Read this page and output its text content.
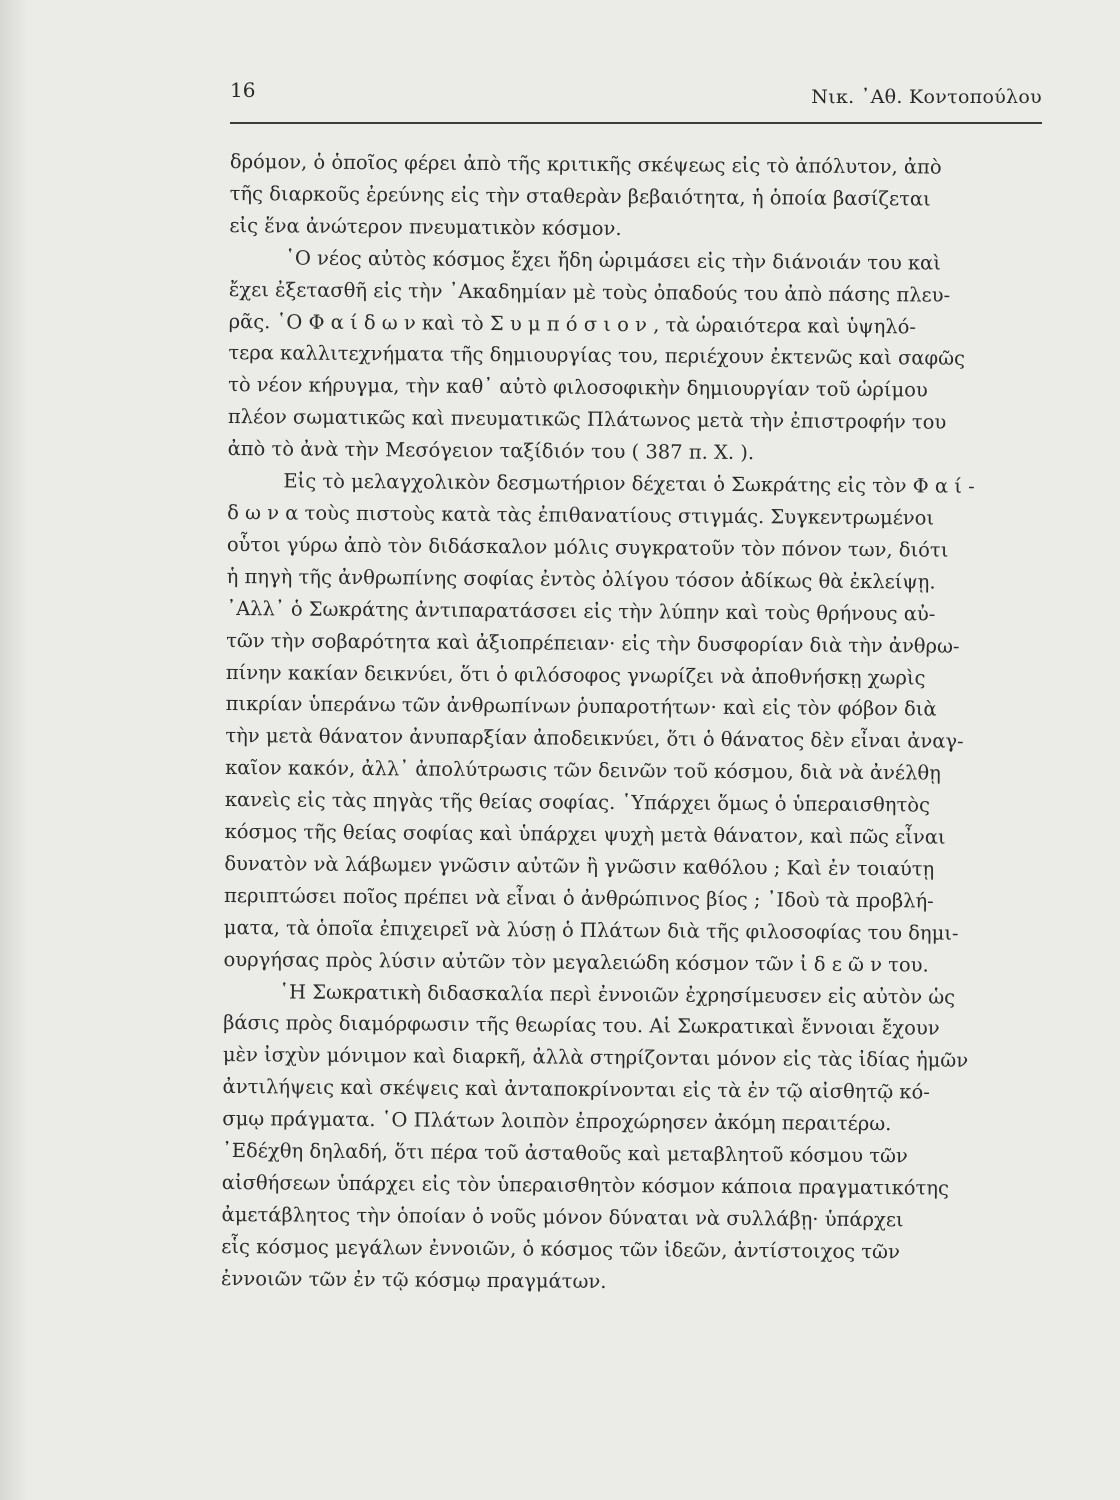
16	Νικ. ᾿Αθ. Κοντοπούλου

δρόμον, ὁ ὁποῖος φέρει ἀπὸ τῆς κριτικῆς σκέψεως εἰς τὸ ἀπόλυτον, ἀπὸ
τῆς διαρκοῦς ἐρεύνης εἰς τὴν σταθερὰν βεβαιότητα, ἡ ὁποία βασίζεται
εἰς ἕνα ἀνώτερον πνευματικὸν κόσμον.

῾Ο νέος αὐτὸς κόσμος ἔχει ἤδη ὡριμάσει εἰς τὴν διάνοιάν του καὶ
ἔχει ἐξετασθῆ εἰς τὴν ᾿Ακαδημίαν μὲ τοὺς ὀπαδούς του ἀπὸ πάσης πλευ-
ρᾶς. ῾Ο Φ α ί δ ω ν καὶ τὸ Σ υ μ π ό σ ι ο ν , τὰ ὡραιότερα καὶ ὑψηλό-
τερα καλλιτεχνήματα τῆς δημιουργίας του, περιέχουν ἐκτενῶς καὶ σαφῶς
τὸ νέον κήρυγμα, τὴν καθ᾿ αὐτὸ φιλοσοφικὴν δημιουργίαν τοῦ ὡρίμου
πλέον σωματικῶς καὶ πνευματικῶς Πλάτωνος μετὰ τὴν ἐπιστροφήν του
ἀπὸ τὸ ἀνὰ τὴν Μεσόγειον ταξίδιόν του ( 387 π. Χ. ).

Εἰς τὸ μελαγχολικὸν δεσμωτήριον δέχεται ὁ Σωκράτης εἰς τὸν Φ α ί -
δ ω ν α τοὺς πιστοὺς κατὰ τὰς ἐπιθανατίους στιγμάς. Συγκεντρωμένοι
οὗτοι γύρω ἀπὸ τὸν διδάσκαλον μόλις συγκρατοῦν τὸν πόνον των, διότι
ἡ πηγὴ τῆς ἀνθρωπίνης σοφίας ἐντὸς ὀλίγου τόσον ἀδίκως θὰ ἐκλείψῃ.
᾿Αλλ᾿ ὁ Σωκράτης ἀντιπαρατάσσει εἰς τὴν λύπην καὶ τοὺς θρήνους αὐ-
τῶν τὴν σοβαρότητα καὶ ἀξιοπρέπειαν· εἰς τὴν δυσφορίαν διὰ τὴν ἀνθρω-
πίνην κακίαν δεικνύει, ὅτι ὁ φιλόσοφος γνωρίζει νὰ ἀποθνήσκῃ χωρὶς
πικρίαν ὑπεράνω τῶν ἀνθρωπίνων ῥυπαροτήτων· καὶ εἰς τὸν φόβον διὰ
τὴν μετὰ θάνατον ἀνυπαρξίαν ἀποδεικνύει, ὅτι ὁ θάνατος δὲν εἶναι ἀναγ-
καῖον κακόν, ἀλλ᾿ ἀπολύτρωσις τῶν δεινῶν τοῦ κόσμου, διὰ νὰ ἀνέλθῃ
κανεὶς εἰς τὰς πηγὰς τῆς θείας σοφίας. ῾Υπάρχει ὅμως ὁ ὑπεραισθητὸς
κόσμος τῆς θείας σοφίας καὶ ὑπάρχει ψυχὴ μετὰ θάνατον, καὶ πῶς εἶναι
δυνατὸν νὰ λάβωμεν γνῶσιν αὐτῶν ἢ γνῶσιν καθόλου ; Καὶ ἐν τοιαύτῃ
περιπτώσει ποῖος πρέπει νὰ εἶναι ὁ ἀνθρώπινος βίος ; ᾿Ιδοὺ τὰ προβλή-
ματα, τὰ ὁποῖα ἐπιχειρεῖ νὰ λύσῃ ὁ Πλάτων διὰ τῆς φιλοσοφίας του δημι-
ουργήσας πρὸς λύσιν αὐτῶν τὸν μεγαλειώδη κόσμον τῶν ἰ δ ε ῶ ν του.

῾Η Σωκρατικὴ διδασκαλία περὶ ἐννοιῶν ἐχρησίμευσεν εἰς αὐτὸν ὡς
βάσις πρὸς διαμόρφωσιν τῆς θεωρίας του. Αἱ Σωκρατικαὶ ἔννοιαι ἔχουν
μὲν ἰσχὺν μόνιμον καὶ διαρκῆ, ἀλλὰ στηρίζονται μόνον εἰς τὰς ἰδίας ἡμῶν
ἀντιλήψεις καὶ σκέψεις καὶ ἀνταποκρίνονται εἰς τὰ ἐν τῷ αἰσθητῷ κό-
σμῳ πράγματα. ῾Ο Πλάτων λοιπὸν ἐπροχώρησεν ἀκόμη περαιτέρω.
᾿Εδέχθη δηλαδή, ὅτι πέρα τοῦ ἀσταθοῦς καὶ μεταβλητοῦ κόσμου τῶν
αἰσθήσεων ὑπάρχει εἰς τὸν ὑπεραισθητὸν κόσμον κάποια πραγματικότης
ἀμετάβλητος τὴν ὁποίαν ὁ νοῦς μόνον δύναται νὰ συλλάβῃ· ὑπάρχει
εἷς κόσμος μεγάλων ἐννοιῶν, ὁ κόσμος τῶν ἰδεῶν, ἀντίστοιχος τῶν
ἐννοιῶν τῶν ἐν τῷ κόσμῳ πραγμάτων.
